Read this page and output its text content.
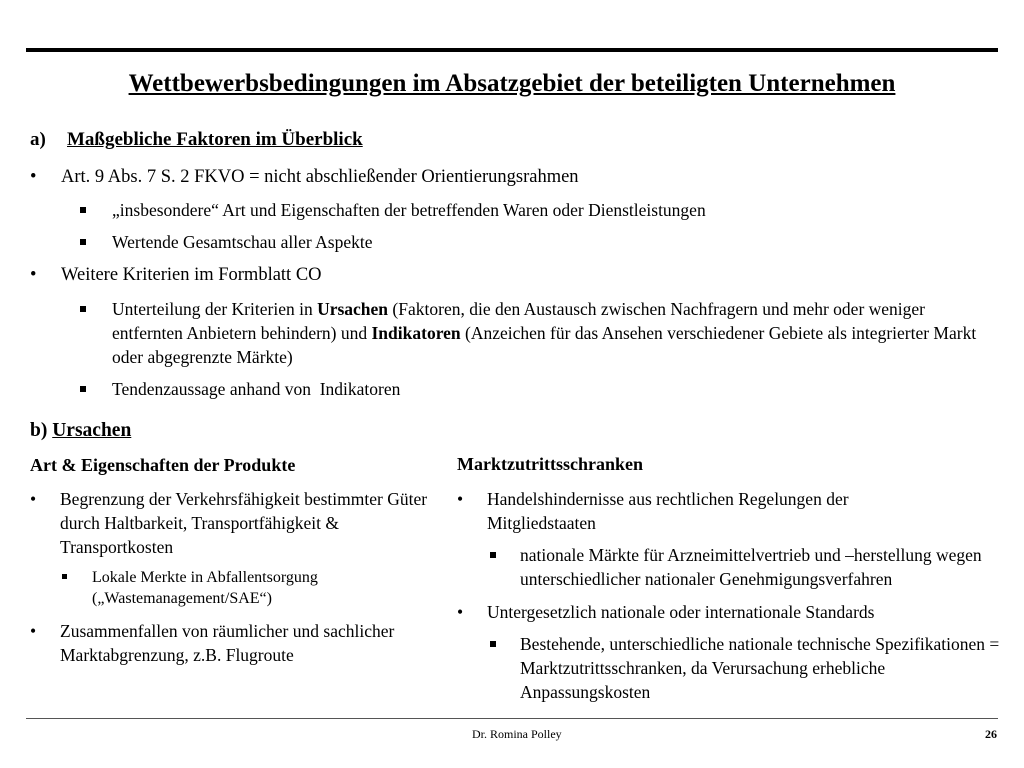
Wettbewerbsbedingungen im Absatzgebiet der beteiligten Unternehmen
a) Maßgebliche Faktoren im Überblick
• Art. 9 Abs. 7 S. 2 FKVO = nicht abschließender Orientierungsrahmen
„insbesondere“ Art und Eigenschaften der betreffenden Waren oder Dienstleistungen
Wertende Gesamtschau aller Aspekte
• Weitere Kriterien im Formblatt CO
Unterteilung der Kriterien in Ursachen (Faktoren, die den Austausch zwischen Nachfragern und mehr oder weniger entfernten Anbietern behindern) und Indikatoren (Anzeichen für das Ansehen verschiedener Gebiete als integrierter Markt oder abgegrenzte Märkte)
Tendenzaussage anhand von  Indikatoren
b) Ursachen
Art & Eigenschaften der Produkte
• Begrenzung der Verkehrsfähigkeit bestimmter Güter durch Haltbarkeit, Transportfähigkeit & Transportkosten
Lokale Merkte in Abfallentsorgung („Wastemanagement/SAE“)
• Zusammenfallen von räumlicher und sachlicher Marktabgrenzung, z.B. Flugroute
Marktzutrittsschranken
• Handelshindernisse aus rechtlichen Regelungen der Mitgliedstaaten
nationale Märkte für Arzneimittelvertrieb und –herstellung wegen unterschiedlicher nationaler Genehmigungsverfahren
• Untergesetzlich nationale oder internationale Standards
Bestehende, unterschiedliche nationale technische Spezifikationen = Marktzutrittsschranken, da Verursachung erhebliche Anpassungskosten
Dr. Romina Polley	26
